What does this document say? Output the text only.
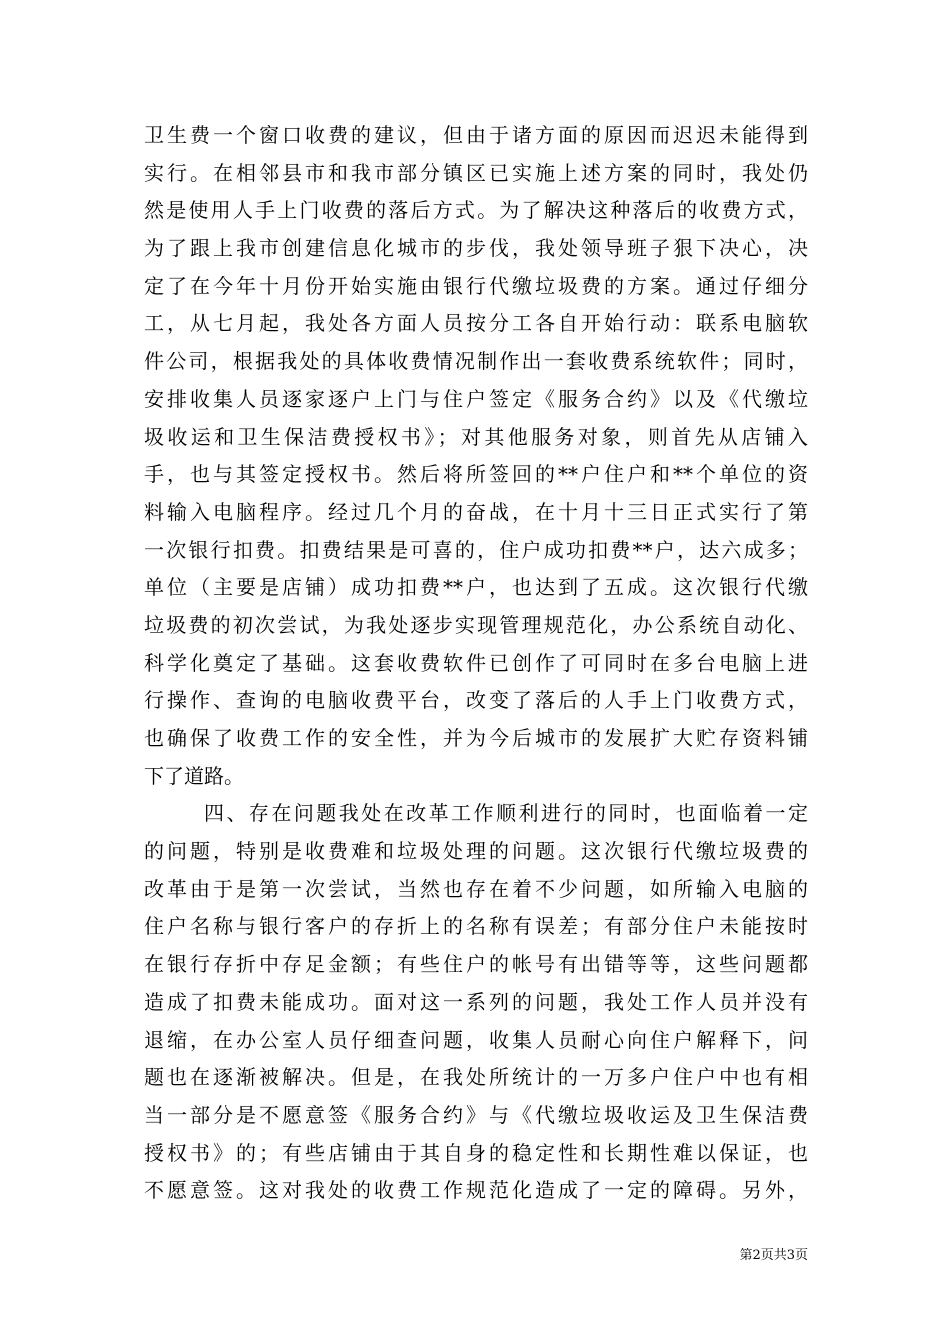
卫生费一个窗口收费的建议，但由于诸方面的原因而迟迟未能得到
实行。在相邻县市和我市部分镇区已实施上述方案的同时，我处仍
然是使用人手上门收费的落后方式。为了解决这种落后的收费方式，
为了跟上我市创建信息化城市的步伐，我处领导班子狠下决心，决
定了在今年十月份开始实施由银行代缴垃圾费的方案。通过仔细分
工，从七月起，我处各方面人员按分工各自开始行动：联系电脑软
件公司，根据我处的具体收费情况制作出一套收费系统软件；同时，
安排收集人员逐家逐户上门与住户签定《服务合约》以及《代缴垃
圾收运和卫生保洁费授权书》；对其他服务对象，则首先从店铺入
手，也与其签定授权书。然后将所签回的**户住户和**个单位的资
料输入电脑程序。经过几个月的奋战，在十月十三日正式实行了第
一次银行扣费。扣费结果是可喜的，住户成功扣费**户，达六成多；
单位（主要是店铺）成功扣费**户，也达到了五成。这次银行代缴
垃圾费的初次尝试，为我处逐步实现管理规范化，办公系统自动化、
科学化奠定了基础。这套收费软件已创作了可同时在多台电脑上进
行操作、查询的电脑收费平台，改变了落后的人手上门收费方式，
也确保了收费工作的安全性，并为今后城市的发展扩大贮存资料铺
下了道路。
四、存在问题我处在改革工作顺利进行的同时，也面临着一定
的问题，特别是收费难和垃圾处理的问题。这次银行代缴垃圾费的
改革由于是第一次尝试，当然也存在着不少问题，如所输入电脑的
住户名称与银行客户的存折上的名称有误差；有部分住户未能按时
在银行存折中存足金额；有些住户的帐号有出错等等，这些问题都
造成了扣费未能成功。面对这一系列的问题，我处工作人员并没有
退缩，在办公室人员仔细查问题，收集人员耐心向住户解释下，问
题也在逐渐被解决。但是，在我处所统计的一万多户住户中也有相
当一部分是不愿意签《服务合约》与《代缴垃圾收运及卫生保洁费
授权书》的；有些店铺由于其自身的稳定性和长期性难以保证，也
不愿意签。这对我处的收费工作规范化造成了一定的障碍。另外，
第2页共3页
